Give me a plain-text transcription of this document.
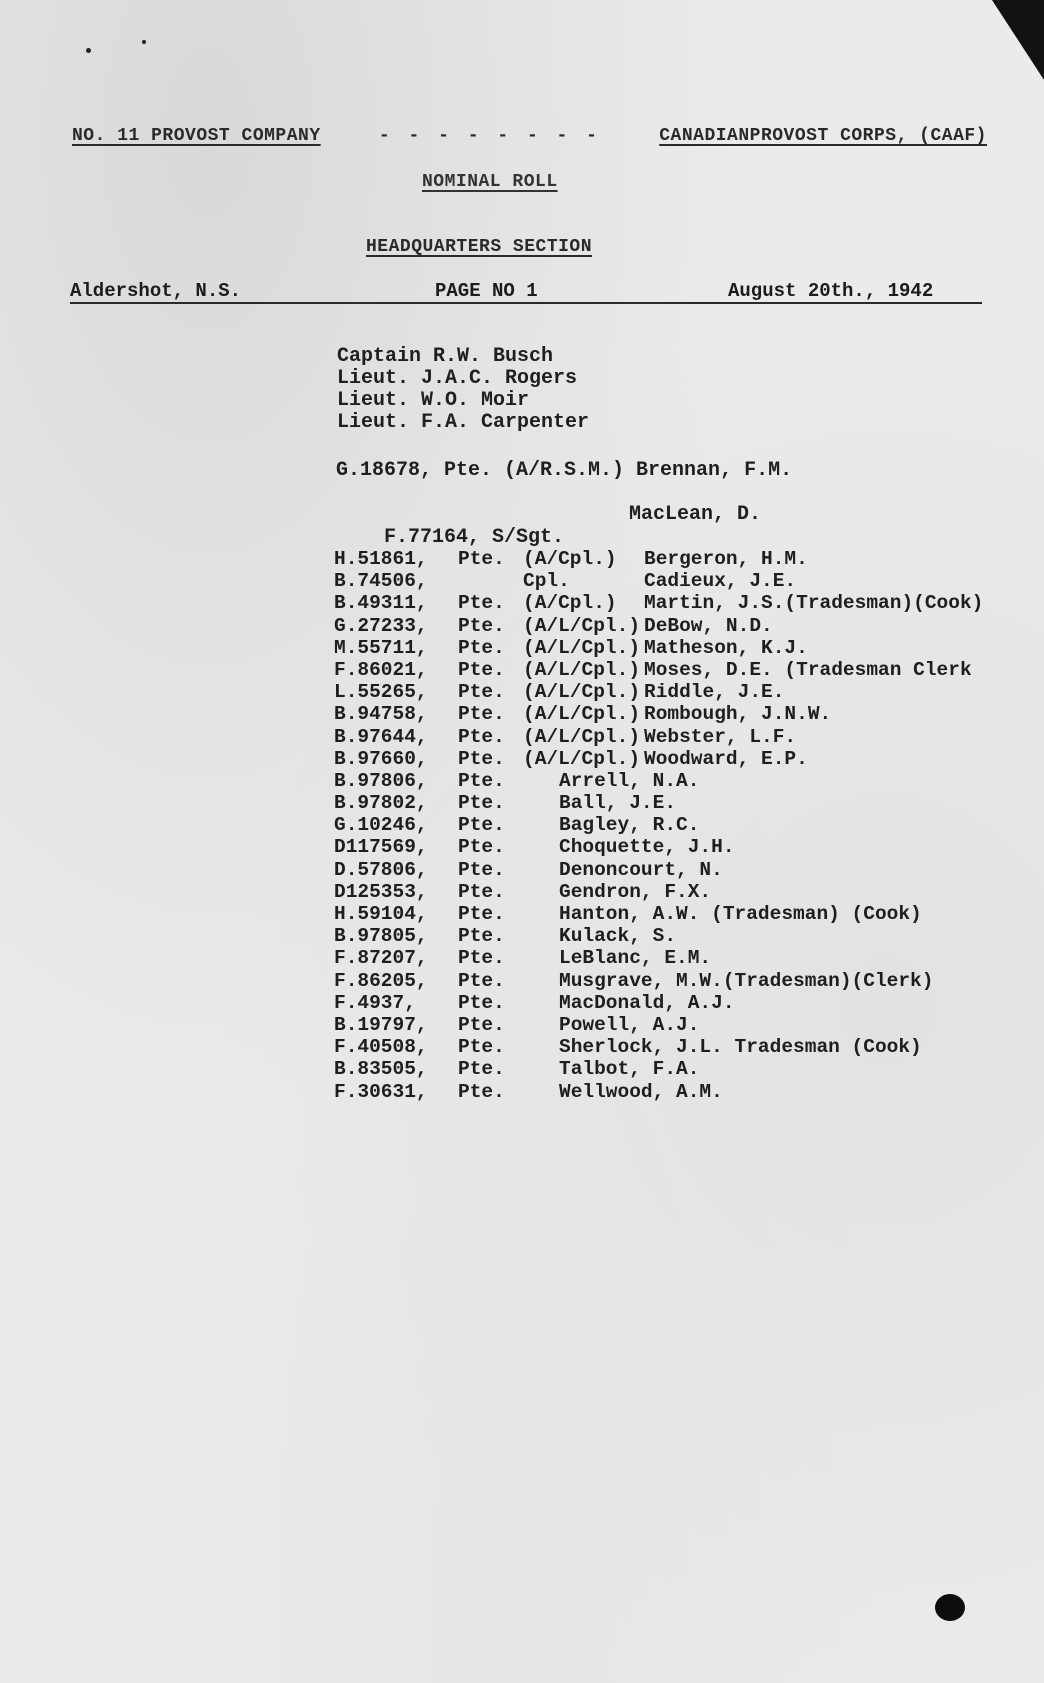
NO. 11 PROVOST COMPANY	- - - - - - - -	CANADIANPROVOST CORPS, (CAAF)
NOMINAL ROLL
HEADQUARTERS SECTION
Aldershot, N.S.	PAGE NO 1	August 20th., 1942
Captain R.W. Busch
Lieut. J.A.C. Rogers
Lieut. W.O. Moir
Lieut. F.A. Carpenter
G.18678, Pte. (A/R.S.M.) Brennan, F.M.

F.77164, S/Sgt.

MacLean, D.

H.51861, Pte. (A/Cpl.) Bergeron, H.M.
B.74506,	Cpl.	Cadieux, J.E.
B.49311, Pte. (A/Cpl.) Martin, J.S.(Tradesman)(Cook)
G.27233, Pte. (A/L/Cpl.) DeBow, N.D.
M.55711, Pte. (A/L/Cpl.) Matheson, K.J.
F.86021, Pte. (A/L/Cpl.) Moses, D.E. (Tradesman Clerk
L.55265, Pte. (A/L/Cpl.) Riddle, J.E.
B.94758, Pte. (A/L/Cpl.) Rombough, J.N.W.
B.97644, Pte. (A/L/Cpl.) Webster, L.F.
B.97660, Pte. (A/L/Cpl.) Woodward, E.P.
B.97806, Pte.	Arrell, N.A.
B.97802, Pte.	Ball, J.E.
G.10246, Pte.	Bagley, R.C.
D117569, Pte.	Choquette, J.H.
D.57806, Pte.	Denoncourt, N.
D125353, Pte.	Gendron, F.X.
H.59104, Pte.	Hanton, A.W. (Tradesman) (Cook)
B.97805, Pte.	Kulack, S.
F.87207, Pte.	LeBlanc, E.M.
F.86205, Pte.	Musgrave, M.W.(Tradesman)(Clerk)
F.4937, Pte.	MacDonald, A.J.
B.19797, Pte.	Powell, A.J.
F.40508, Pte.	Sherlock, J.L. Tradesman (Cook)
B.83505, Pte.	Talbot, F.A.
F.30631, Pte.	Wellwood, A.M.
